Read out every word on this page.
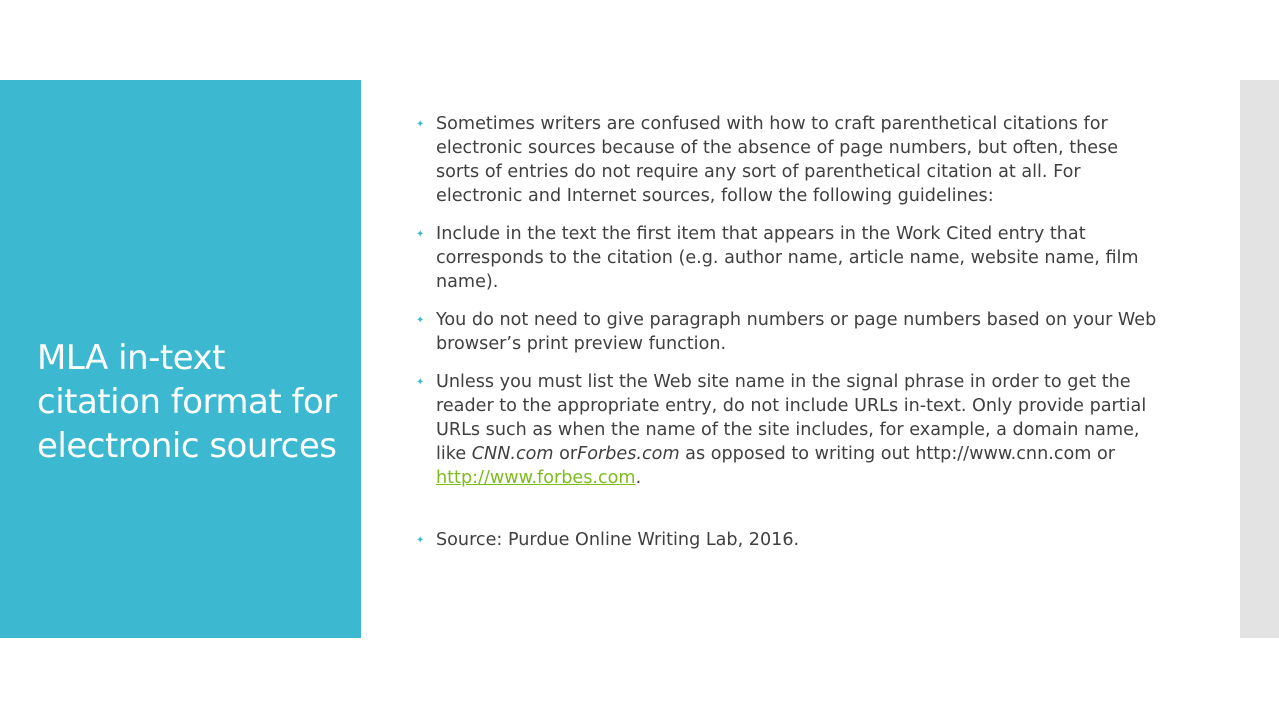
MLA in-text citation format for electronic sources
✦ Sometimes writers are confused with how to craft parenthetical citations for electronic sources because of the absence of page numbers, but often, these sorts of entries do not require any sort of parenthetical citation at all. For electronic and Internet sources, follow the following guidelines:
✦ Include in the text the first item that appears in the Work Cited entry that corresponds to the citation (e.g. author name, article name, website name, film name).
✦ You do not need to give paragraph numbers or page numbers based on your Web browser’s print preview function.
✦ Unless you must list the Web site name in the signal phrase in order to get the reader to the appropriate entry, do not include URLs in-text. Only provide partial URLs such as when the name of the site includes, for example, a domain name, like CNN.com orForbes.com as opposed to writing out http://www.cnn.com or http://www.forbes.com.
✦ Source: Purdue Online Writing Lab, 2016.
